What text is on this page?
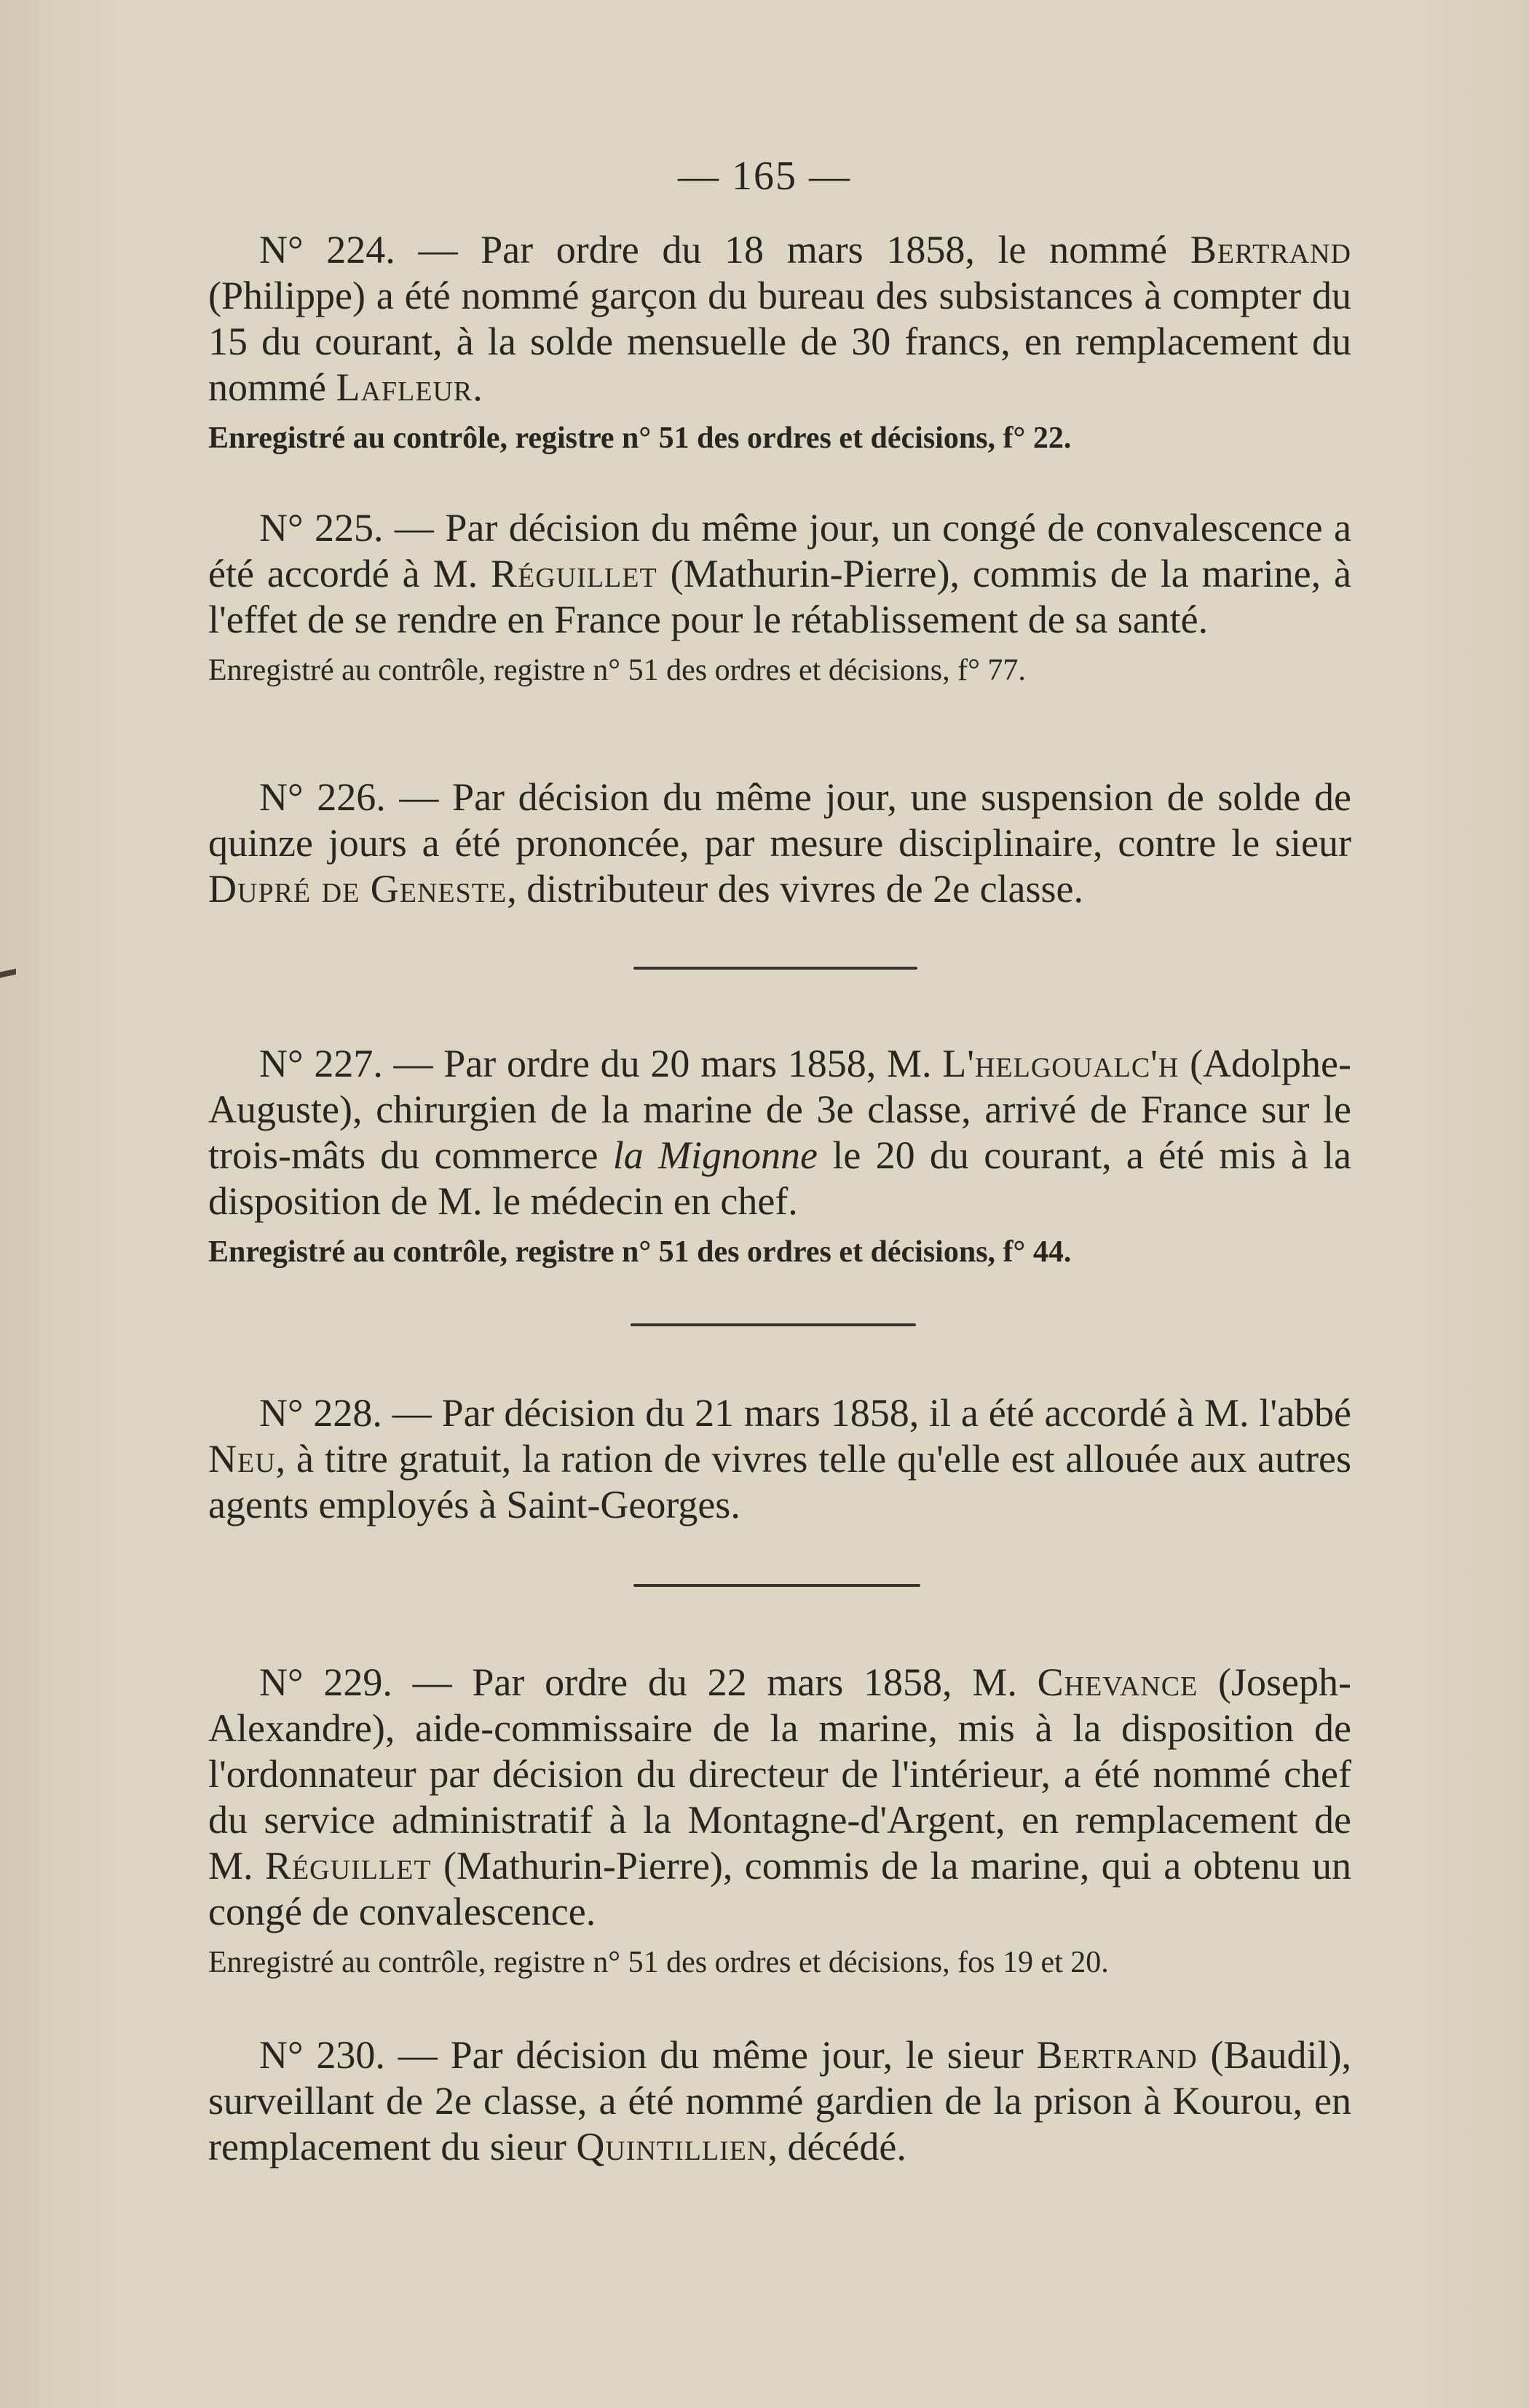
— 165 —

N° 224. — Par ordre du 18 mars 1858, le nommé Bertrand (Philippe) a été nommé garçon du bureau des subsistances à compter du 15 du courant, à la solde mensuelle de 30 francs, en remplacement du nommé Lafleur.

Enregistré au contrôle, registre n° 51 des ordres et décisions, f° 22.

N° 225. — Par décision du même jour, un congé de convalescence a été accordé à M. Réguillet (Mathurin-Pierre), commis de la marine, à l'effet de se rendre en France pour le rétablissement de sa santé.

Enregistré au contrôle, registre n° 51 des ordres et décisions, f° 77.

N° 226. — Par décision du même jour, une suspension de solde de quinze jours a été prononcée, par mesure disciplinaire, contre le sieur Dupré de Geneste, distributeur des vivres de 2e classe.

N° 227. — Par ordre du 20 mars 1858, M. L'helgoualc'h (Adolphe-Auguste), chirurgien de la marine de 3e classe, arrivé de France sur le trois-mâts du commerce la Mignonne le 20 du courant, a été mis à la disposition de M. le médecin en chef.

Enregistré au contrôle, registre n° 51 des ordres et décisions, f° 44.

N° 228. — Par décision du 21 mars 1858, il a été accordé à M. l'abbé Neu, à titre gratuit, la ration de vivres telle qu'elle est allouée aux autres agents employés à Saint-Georges.

N° 229. — Par ordre du 22 mars 1858, M. Chevance (Joseph-Alexandre), aide-commissaire de la marine, mis à la disposition de l'ordonnateur par décision du directeur de l'intérieur, a été nommé chef du service administratif à la Montagne-d'Argent, en remplacement de M. Réguillet (Mathurin-Pierre), commis de la marine, qui a obtenu un congé de convalescence.

Enregistré au contrôle, registre n° 51 des ordres et décisions, fos 19 et 20.

N° 230. — Par décision du même jour, le sieur Bertrand (Baudil), surveillant de 2e classe, a été nommé gardien de la prison à Kourou, en remplacement du sieur Quintillien, décédé.
